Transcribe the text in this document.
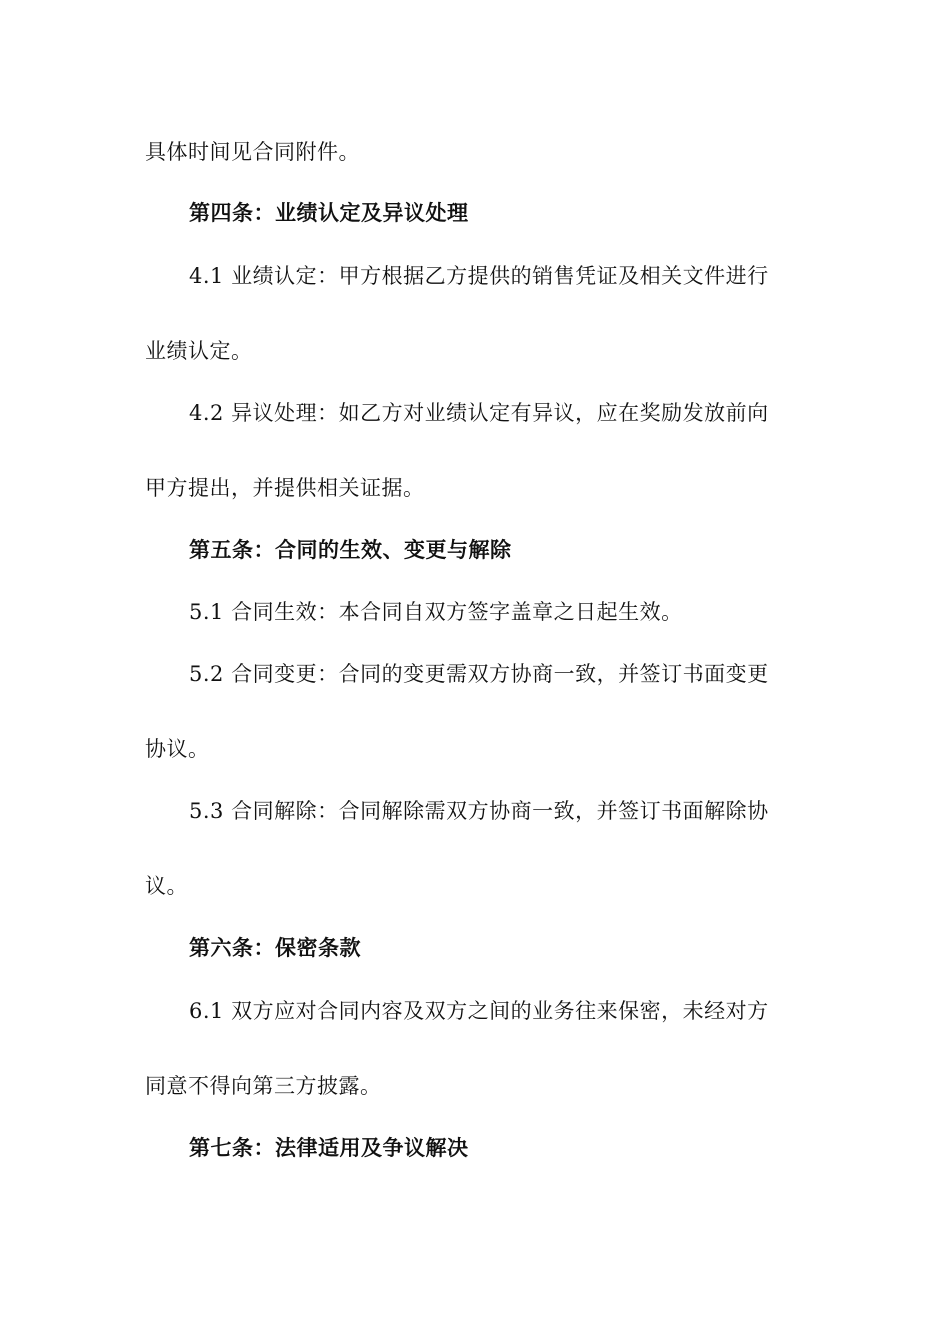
具体时间见合同附件。
第四条：业绩认定及异议处理
4.1 业绩认定：甲方根据乙方提供的销售凭证及相关文件进行
业绩认定。
4.2 异议处理：如乙方对业绩认定有异议，应在奖励发放前向
甲方提出，并提供相关证据。
第五条：合同的生效、变更与解除
5.1 合同生效：本合同自双方签字盖章之日起生效。
5.2 合同变更：合同的变更需双方协商一致，并签订书面变更
协议。
5.3 合同解除：合同解除需双方协商一致，并签订书面解除协
议。
第六条：保密条款
6.1 双方应对合同内容及双方之间的业务往来保密，未经对方
同意不得向第三方披露。
第七条：法律适用及争议解决
